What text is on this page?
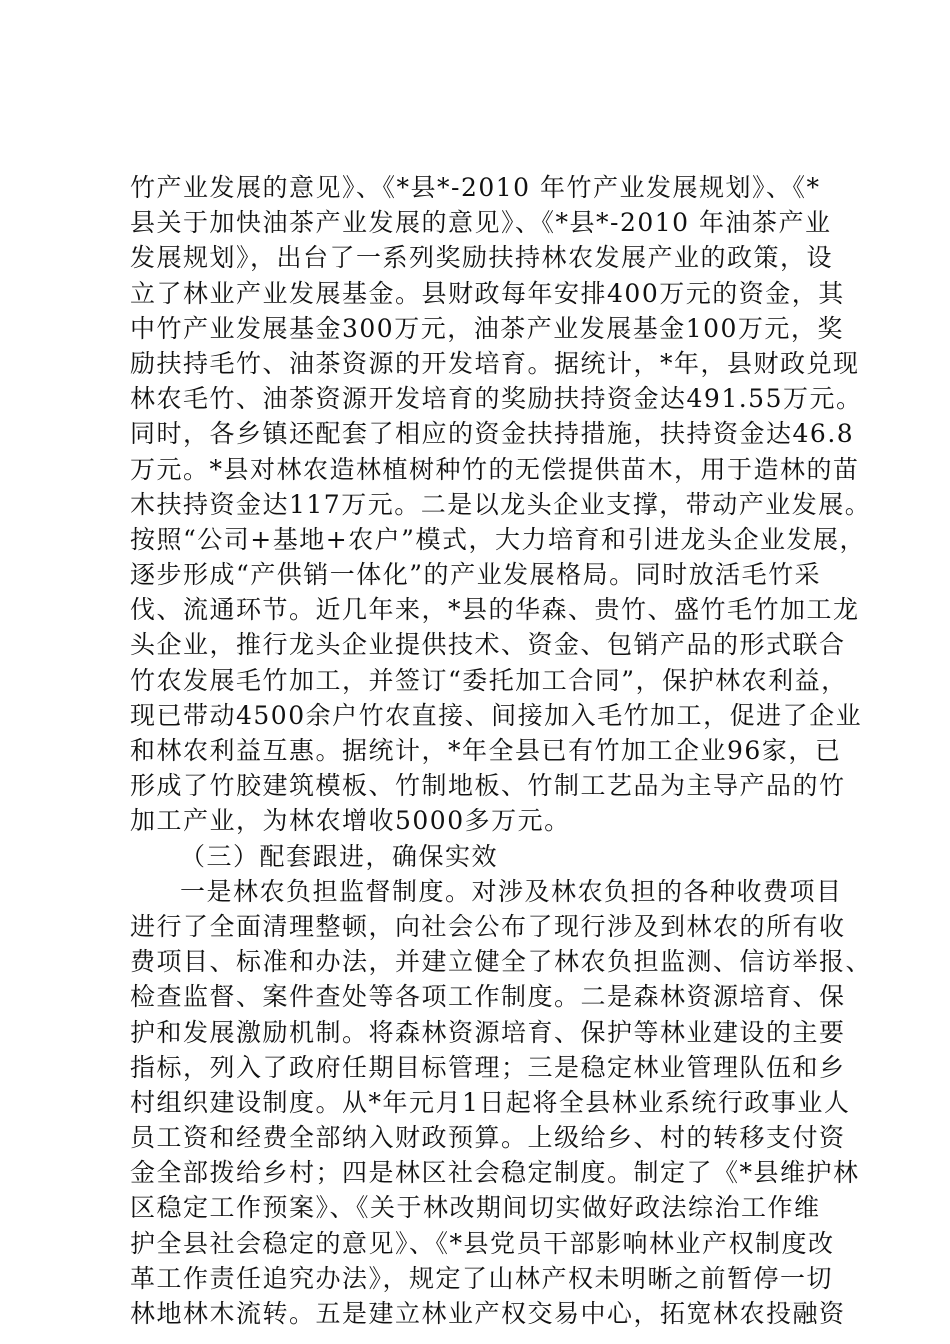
竹产业发展的意见》、《*县*-2010 年竹产业发展规划》、《*
县关于加快油茶产业发展的意见》、《*县*-2010 年油茶产业
发展规划》，出台了一系列奖励扶持林农发展产业的政策，设
立了林业产业发展基金。县财政每年安排400万元的资金，其
中竹产业发展基金300万元，油茶产业发展基金100万元，奖
励扶持毛竹、油茶资源的开发培育。据统计，*年，县财政兑现
林农毛竹、油茶资源开发培育的奖励扶持资金达491.55万元。
同时，各乡镇还配套了相应的资金扶持措施，扶持资金达46.8
万元。*县对林农造林植树种竹的无偿提供苗木，用于造林的苗
木扶持资金达117万元。二是以龙头企业支撑，带动产业发展。
按照“公司+基地+农户”模式，大力培育和引进龙头企业发展，
逐步形成“产供销一体化”的产业发展格局。同时放活毛竹采
伐、流通环节。近几年来，*县的华森、贵竹、盛竹毛竹加工龙
头企业，推行龙头企业提供技术、资金、包销产品的形式联合
竹农发展毛竹加工，并签订“委托加工合同”，保护林农利益，
现已带动4500余户竹农直接、间接加入毛竹加工，促进了企业
和林农利益互惠。据统计，*年全县已有竹加工企业96家，已
形成了竹胶建筑模板、竹制地板、竹制工艺品为主导产品的竹
加工产业，为林农增收5000多万元。
（三）配套跟进，确保实效
一是林农负担监督制度。对涉及林农负担的各种收费项目
进行了全面清理整顿，向社会公布了现行涉及到林农的所有收
费项目、标准和办法，并建立健全了林农负担监测、信访举报、
检查监督、案件查处等各项工作制度。二是森林资源培育、保
护和发展激励机制。将森林资源培育、保护等林业建设的主要
指标，列入了政府任期目标管理；三是稳定林业管理队伍和乡
村组织建设制度。从*年元月1日起将全县林业系统行政事业人
员工资和经费全部纳入财政预算。上级给乡、村的转移支付资
金全部拨给乡村；四是林区社会稳定制度。制定了《*县维护林
区稳定工作预案》、《关于林改期间切实做好政法综治工作维
护全县社会稳定的意见》、《*县党员干部影响林业产权制度改
革工作责任追究办法》，规定了山林产权未明晰之前暂停一切
林地林木流转。五是建立林业产权交易中心，拓宽林农投融资
